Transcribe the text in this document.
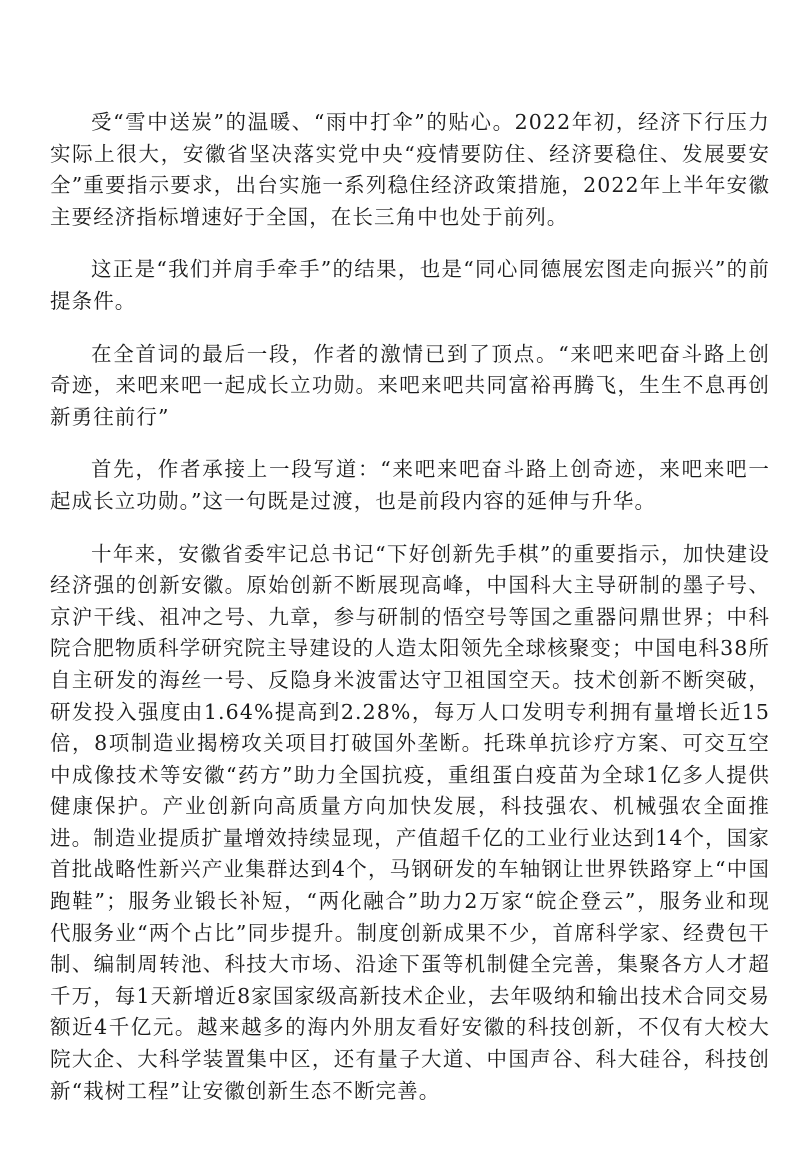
受“雪中送炭”的温暖、“雨中打伞”的贴心。2022年初，经济下行压力实际上很大，安徽省坚决落实党中央“疫情要防住、经济要稳住、发展要安全”重要指示要求，出台实施一系列稳住经济政策措施，2022年上半年安徽主要经济指标增速好于全国，在长三角中也处于前列。

这正是“我们并肩手牵手”的结果，也是“同心同德展宏图走向振兴”的前提条件。

在全首词的最后一段，作者的激情已到了顶点。“来吧来吧奋斗路上创奇迹，来吧来吧一起成长立功勋。来吧来吧共同富裕再腾飞，生生不息再创新勇往前行”

首先，作者承接上一段写道：“来吧来吧奋斗路上创奇迹，来吧来吧一起成长立功勋。”这一句既是过渡，也是前段内容的延伸与升华。

十年来，安徽省委牢记总书记“下好创新先手棋”的重要指示，加快建设经济强的创新安徽。原始创新不断展现高峰，中国科大主导研制的墨子号、京沪干线、祖冲之号、九章，参与研制的悟空号等国之重器问鼎世界；中科院合肥物质科学研究院主导建设的人造太阳领先全球核聚变；中国电科38所自主研发的海丝一号、反隐身米波雷达守卫祖国空天。技术创新不断突破，研发投入强度由1.64%提高到2.28%，每万人口发明专利拥有量增长近15倍，8项制造业揭榜攻关项目打破国外垄断。托珠单抗诊疗方案、可交互空中成像技术等安徽“药方”助力全国抗疫，重组蛋白疫苗为全球1亿多人提供健康保护。产业创新向高质量方向加快发展，科技强农、机械强农全面推进。制造业提质扩量增效持续显现，产值超千亿的工业行业达到14个，国家首批战略性新兴产业集群达到4个，马钢研发的车轴钢让世界铁路穿上“中国跑鞋”；服务业锻长补短，“两化融合”助力2万家“皖企登云”，服务业和现代服务业“两个占比”同步提升。制度创新成果不少，首席科学家、经费包干制、编制周转池、科技大市场、沿途下蛋等机制健全完善，集聚各方人才超千万，每1天新增近8家国家级高新技术企业，去年吸纳和输出技术合同交易额近4千亿元。越来越多的海内外朋友看好安徽的科技创新，不仅有大校大院大企、大科学装置集中区，还有量子大道、中国声谷、科大硅谷，科技创新“栽树工程”让安徽创新生态不断完善。
